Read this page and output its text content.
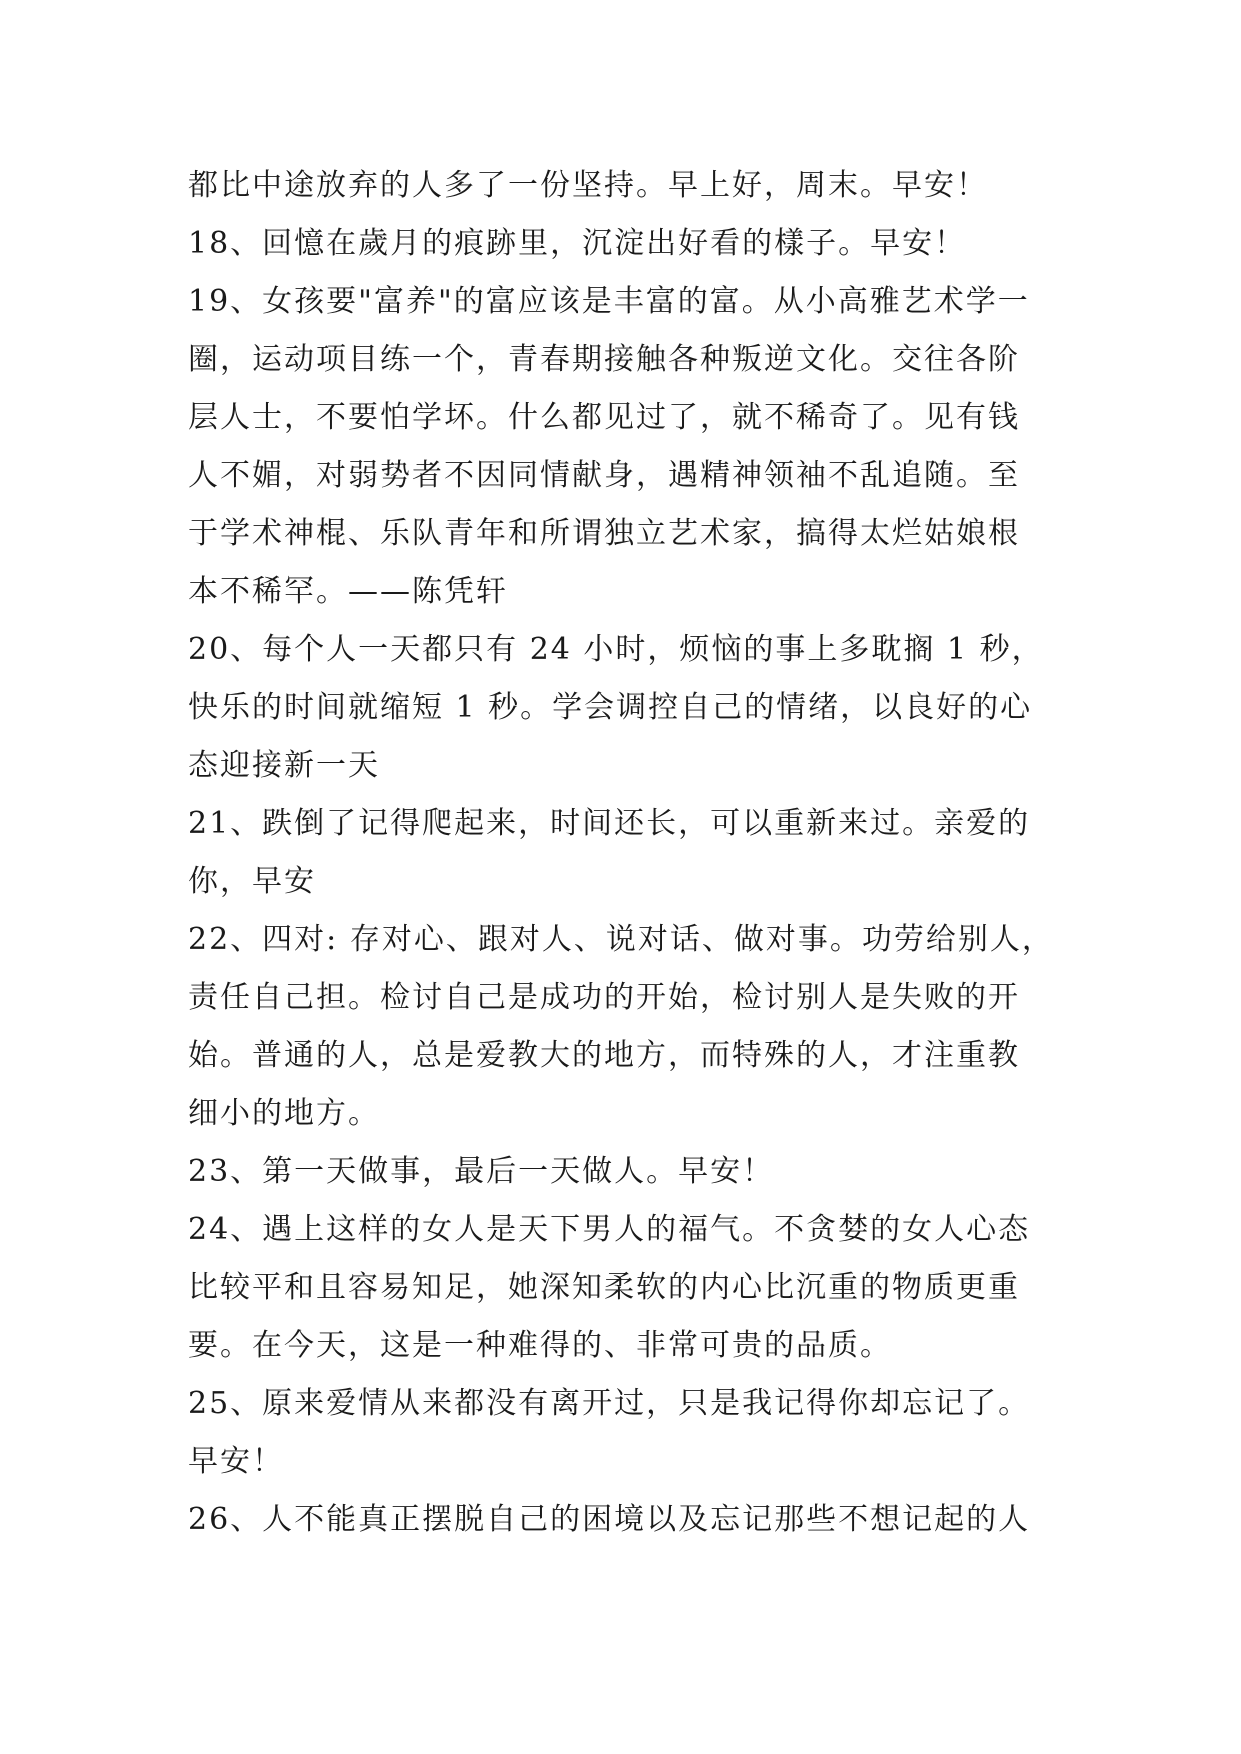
都比中途放弃的人多了一份坚持。早上好，周末。早安！
18、回憶在歲月的痕跡里，沉淀出好看的樣子。早安！
19、女孩要"富养"的富应该是丰富的富。从小高雅艺术学一
圈，运动项目练一个，青春期接触各种叛逆文化。交往各阶
层人士，不要怕学坏。什么都见过了，就不稀奇了。见有钱
人不媚，对弱势者不因同情献身，遇精神领袖不乱追随。至
于学术神棍、乐队青年和所谓独立艺术家，搞得太烂姑娘根
本不稀罕。——陈凭轩
20、每个人一天都只有 24 小时，烦恼的事上多耽搁 1 秒，
快乐的时间就缩短 1 秒。学会调控自己的情绪，以良好的心
态迎接新一天
21、跌倒了记得爬起来，时间还长，可以重新来过。亲爱的
你，早安
22、四对: 存对心、跟对人、说对话、做对事。功劳给别人，
责任自己担。检讨自己是成功的开始，检讨别人是失败的开
始。普通的人，总是爱教大的地方，而特殊的人，才注重教
细小的地方。
23、第一天做事，最后一天做人。早安！
24、遇上这样的女人是天下男人的福气。不贪婪的女人心态
比较平和且容易知足，她深知柔软的内心比沉重的物质更重
要。在今天，这是一种难得的、非常可贵的品质。
25、原来爱情从来都没有离开过，只是我记得你却忘记了。
早安！
26、人不能真正摆脱自己的困境以及忘记那些不想记起的人
